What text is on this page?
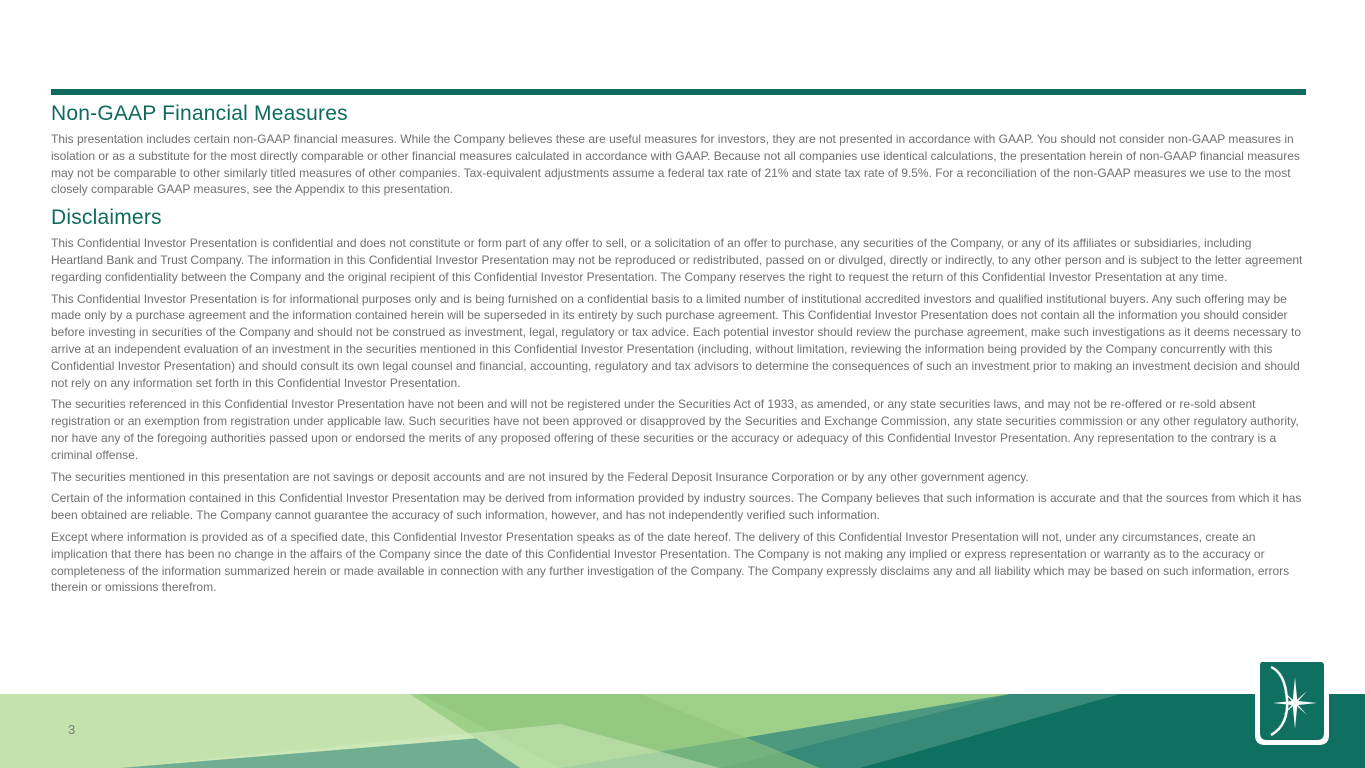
Non-GAAP Financial Measures

This presentation includes certain non-GAAP financial measures. While the Company believes these are useful measures for investors, they are not presented in accordance with GAAP. You should not consider non-GAAP measures in isolation or as a substitute for the most directly comparable or other financial measures calculated in accordance with GAAP. Because not all companies use identical calculations, the presentation herein of non-GAAP financial measures may not be comparable to other similarly titled measures of other companies. Tax-equivalent adjustments assume a federal tax rate of 21% and state tax rate of 9.5%. For a reconciliation of the non-GAAP measures we use to the most closely comparable GAAP measures, see the Appendix to this presentation.

Disclaimers

This Confidential Investor Presentation is confidential and does not constitute or form part of any offer to sell, or a solicitation of an offer to purchase, any securities of the Company, or any of its affiliates or subsidiaries, including Heartland Bank and Trust Company. The information in this Confidential Investor Presentation may not be reproduced or redistributed, passed on or divulged, directly or indirectly, to any other person and is subject to the letter agreement regarding confidentiality between the Company and the original recipient of this Confidential Investor Presentation. The Company reserves the right to request the return of this Confidential Investor Presentation at any time.

This Confidential Investor Presentation is for informational purposes only and is being furnished on a confidential basis to a limited number of institutional accredited investors and qualified institutional buyers. Any such offering may be made only by a purchase agreement and the information contained herein will be superseded in its entirety by such purchase agreement. This Confidential Investor Presentation does not contain all the information you should consider before investing in securities of the Company and should not be construed as investment, legal, regulatory or tax advice. Each potential investor should review the purchase agreement, make such investigations as it deems necessary to arrive at an independent evaluation of an investment in the securities mentioned in this Confidential Investor Presentation (including, without limitation, reviewing the information being provided by the Company concurrently with this Confidential Investor Presentation) and should consult its own legal counsel and financial, accounting, regulatory and tax advisors to determine the consequences of such an investment prior to making an investment decision and should not rely on any information set forth in this Confidential Investor Presentation.

The securities referenced in this Confidential Investor Presentation have not been and will not be registered under the Securities Act of 1933, as amended, or any state securities laws, and may not be re-offered or re-sold absent registration or an exemption from registration under applicable law. Such securities have not been approved or disapproved by the Securities and Exchange Commission, any state securities commission or any other regulatory authority, nor have any of the foregoing authorities passed upon or endorsed the merits of any proposed offering of these securities or the accuracy or adequacy of this Confidential Investor Presentation. Any representation to the contrary is a criminal offense.

The securities mentioned in this presentation are not savings or deposit accounts and are not insured by the Federal Deposit Insurance Corporation or by any other government agency.

Certain of the information contained in this Confidential Investor Presentation may be derived from information provided by industry sources. The Company believes that such information is accurate and that the sources from which it has been obtained are reliable. The Company cannot guarantee the accuracy of such information, however, and has not independently verified such information.

Except where information is provided as of a specified date, this Confidential Investor Presentation speaks as of the date hereof. The delivery of this Confidential Investor Presentation will not, under any circumstances, create an implication that there has been no change in the affairs of the Company since the date of this Confidential Investor Presentation. The Company is not making any implied or express representation or warranty as to the accuracy or completeness of the information summarized herein or made available in connection with any further investigation of the Company. The Company expressly disclaims any and all liability which may be based on such information, errors therein or omissions therefrom.

3
